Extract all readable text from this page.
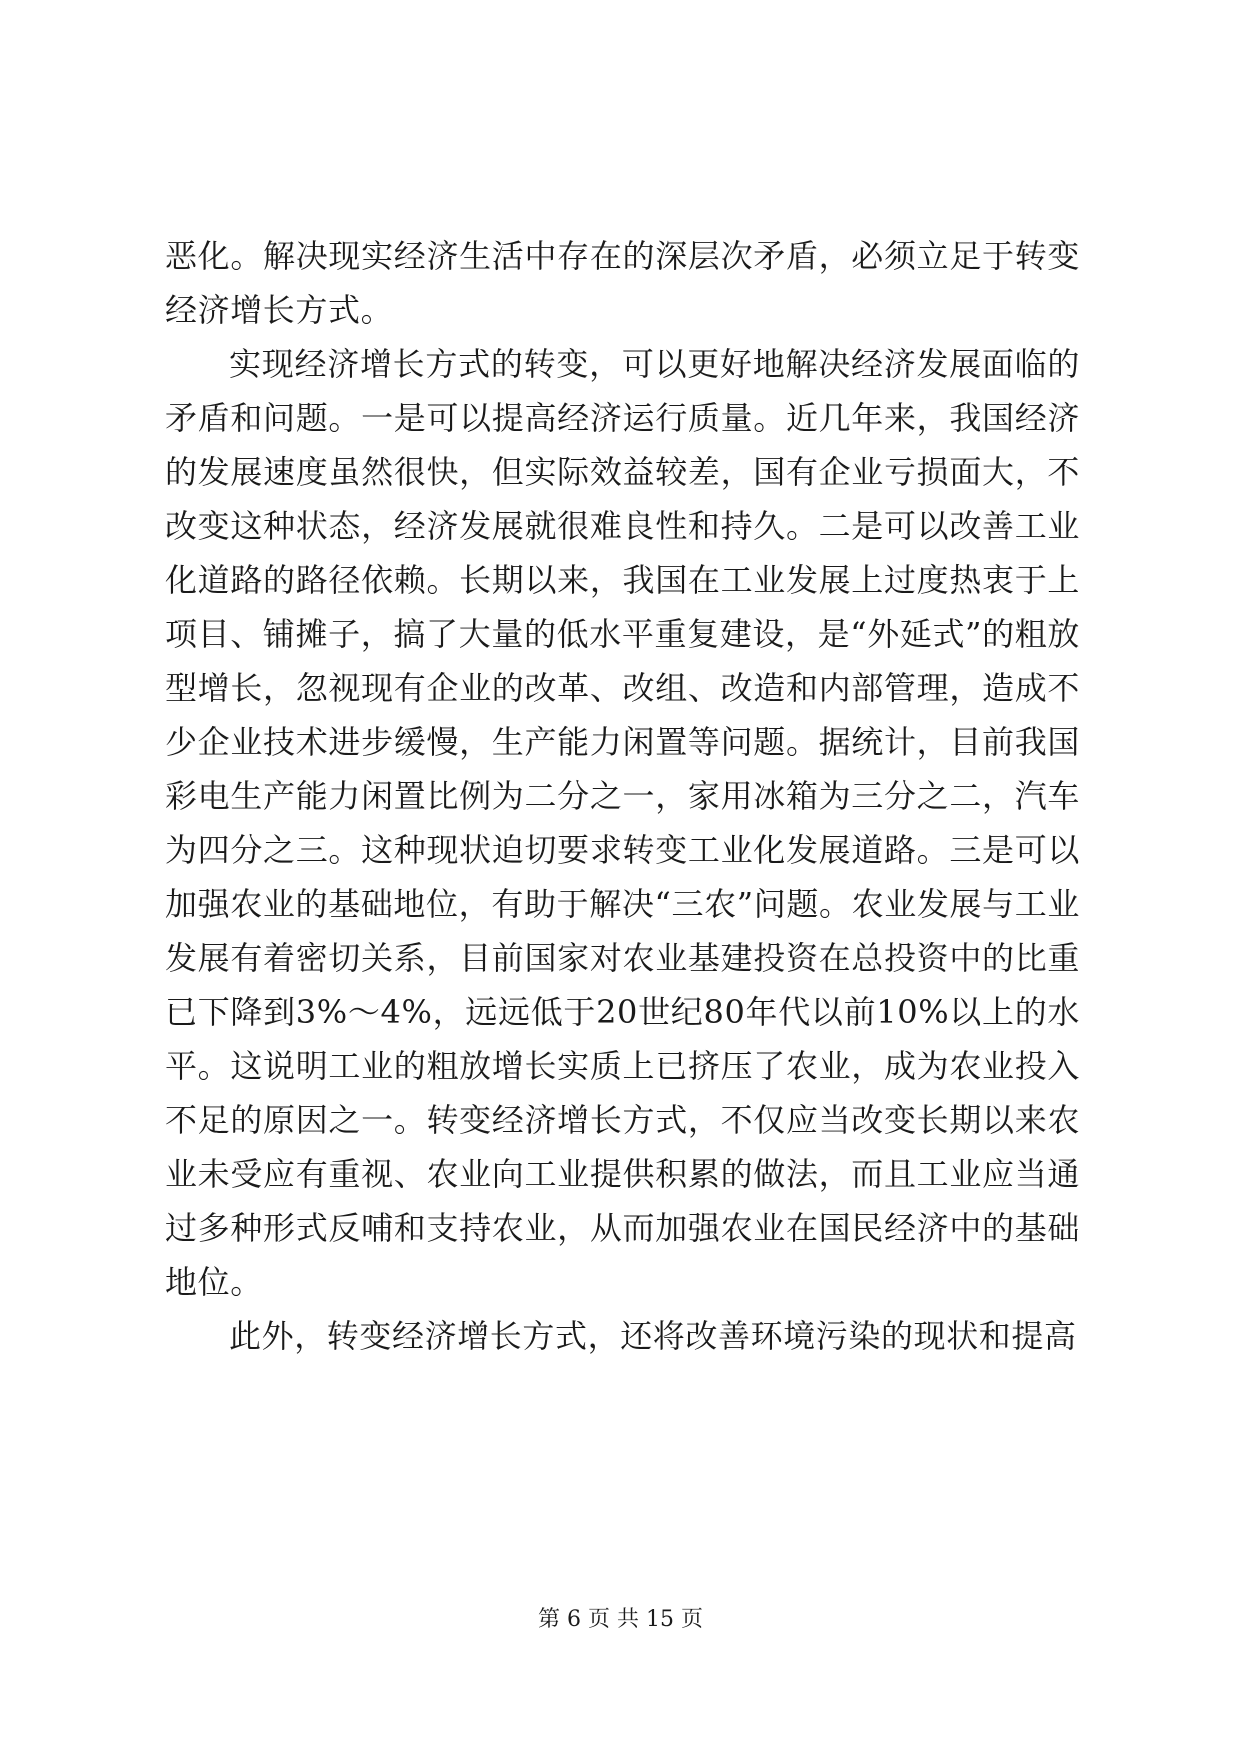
恶化。解决现实经济生活中存在的深层次矛盾，必须立足于转变经济增长方式。

实现经济增长方式的转变，可以更好地解决经济发展面临的矛盾和问题。一是可以提高经济运行质量。近几年来，我国经济的发展速度虽然很快，但实际效益较差，国有企业亏损面大，不改变这种状态，经济发展就很难良性和持久。二是可以改善工业化道路的路径依赖。长期以来，我国在工业发展上过度热衷于上项目、铺摊子，搞了大量的低水平重复建设，是“外延式”的粗放型增长，忽视现有企业的改革、改组、改造和内部管理，造成不少企业技术进步缓慢，生产能力闲置等问题。据统计，目前我国彩电生产能力闲置比例为二分之一，家用冰箱为三分之二，汽车为四分之三。这种现状迫切要求转变工业化发展道路。三是可以加强农业的基础地位，有助于解决“三农”问题。农业发展与工业发展有着密切关系，目前国家对农业基建投资在总投资中的比重已下降到3%～4%，远远低于20世纪80年代以前10%以上的水平。这说明工业的粗放增长实质上已挤压了农业，成为农业投入不足的原因之一。转变经济增长方式，不仅应当改变长期以来农业未受应有重视、农业向工业提供积累的做法，而且工业应当通过多种形式反哺和支持农业，从而加强农业在国民经济中的基础地位。

此外，转变经济增长方式，还将改善环境污染的现状和提高

第 6 页 共 15 页
